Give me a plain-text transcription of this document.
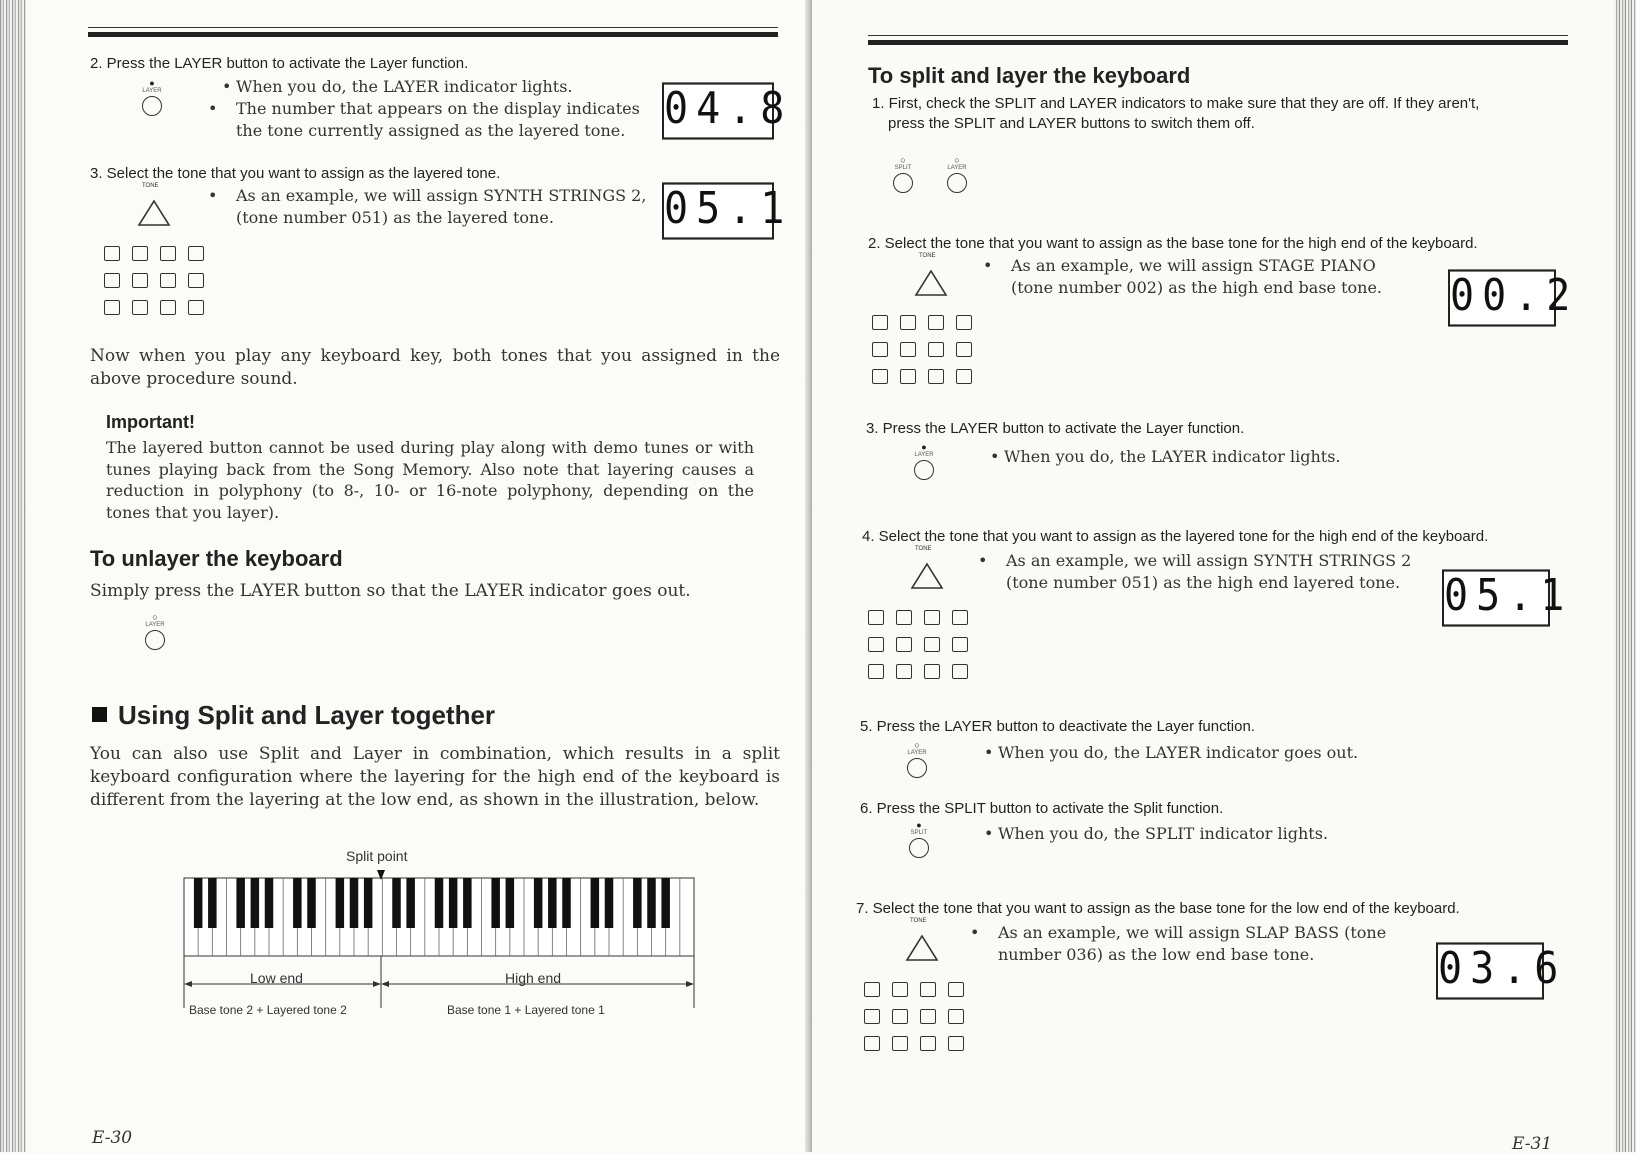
2. Press the LAYER button to activate the Layer function.
●
LAYER	• When you do, the LAYER indicator lights.
• The number that appears on the display indicates the tone currently assigned as the layered tone. 04.8
3. Select the tone that you want to assign as the layered tone.
TONE	• As an example, we will assign SYNTH STRINGS 2, (tone number 051) as the layered tone.	05.1
Now when you play any keyboard key, both tones that you assigned in the above procedure sound.
Important!
The layered button cannot be used during play along with demo tunes or with tunes playing back from the Song Memory. Also note that layering causes a reduction in polyphony (to 8-, 10- or 16-note polyphony, depending on the tones that you layer).
To unlayer the keyboard
Simply press the LAYER button so that the LAYER indicator goes out.
○
LAYER
Using Split and Layer together
You can also use Split and Layer in combination, which results in a split keyboard configuration where the layering for the high end of the keyboard is different from the layering at the low end, as shown in the illustration, below.
Split point
Low end	High end
Base tone 2 + Layered tone 2	Base tone 1 + Layered tone 1
E-30
To split and layer the keyboard
1. First, check the SPLIT and LAYER indicators to make sure that they are off. If they aren't,
press the SPLIT and LAYER buttons to switch them off.
○
SPLIT
○
LAYER
2. Select the tone that you want to assign as the base tone for the high end of the keyboard.
TONE	• As an example, we will assign STAGE PIANO (tone number 002) as the high end base tone.	00.2
3. Press the LAYER button to activate the Layer function.
●
LAYER	• When you do, the LAYER indicator lights.
4. Select the tone that you want to assign as the layered tone for the high end of the keyboard.
TONE
• As an example, we will assign SYNTH STRINGS 2 (tone number 051) as the high end layered tone.	05.1
5. Press the LAYER button to deactivate the Layer function.
○
LAYER	• When you do, the LAYER indicator goes out.
6. Press the SPLIT button to activate the Split function.
●
SPLIT	• When you do, the SPLIT indicator lights.
7. Select the tone that you want to assign as the base tone for the low end of the keyboard.
TONE
• As an example, we will assign SLAP BASS (tone number 036) as the low end base tone.	03.6
E-31
